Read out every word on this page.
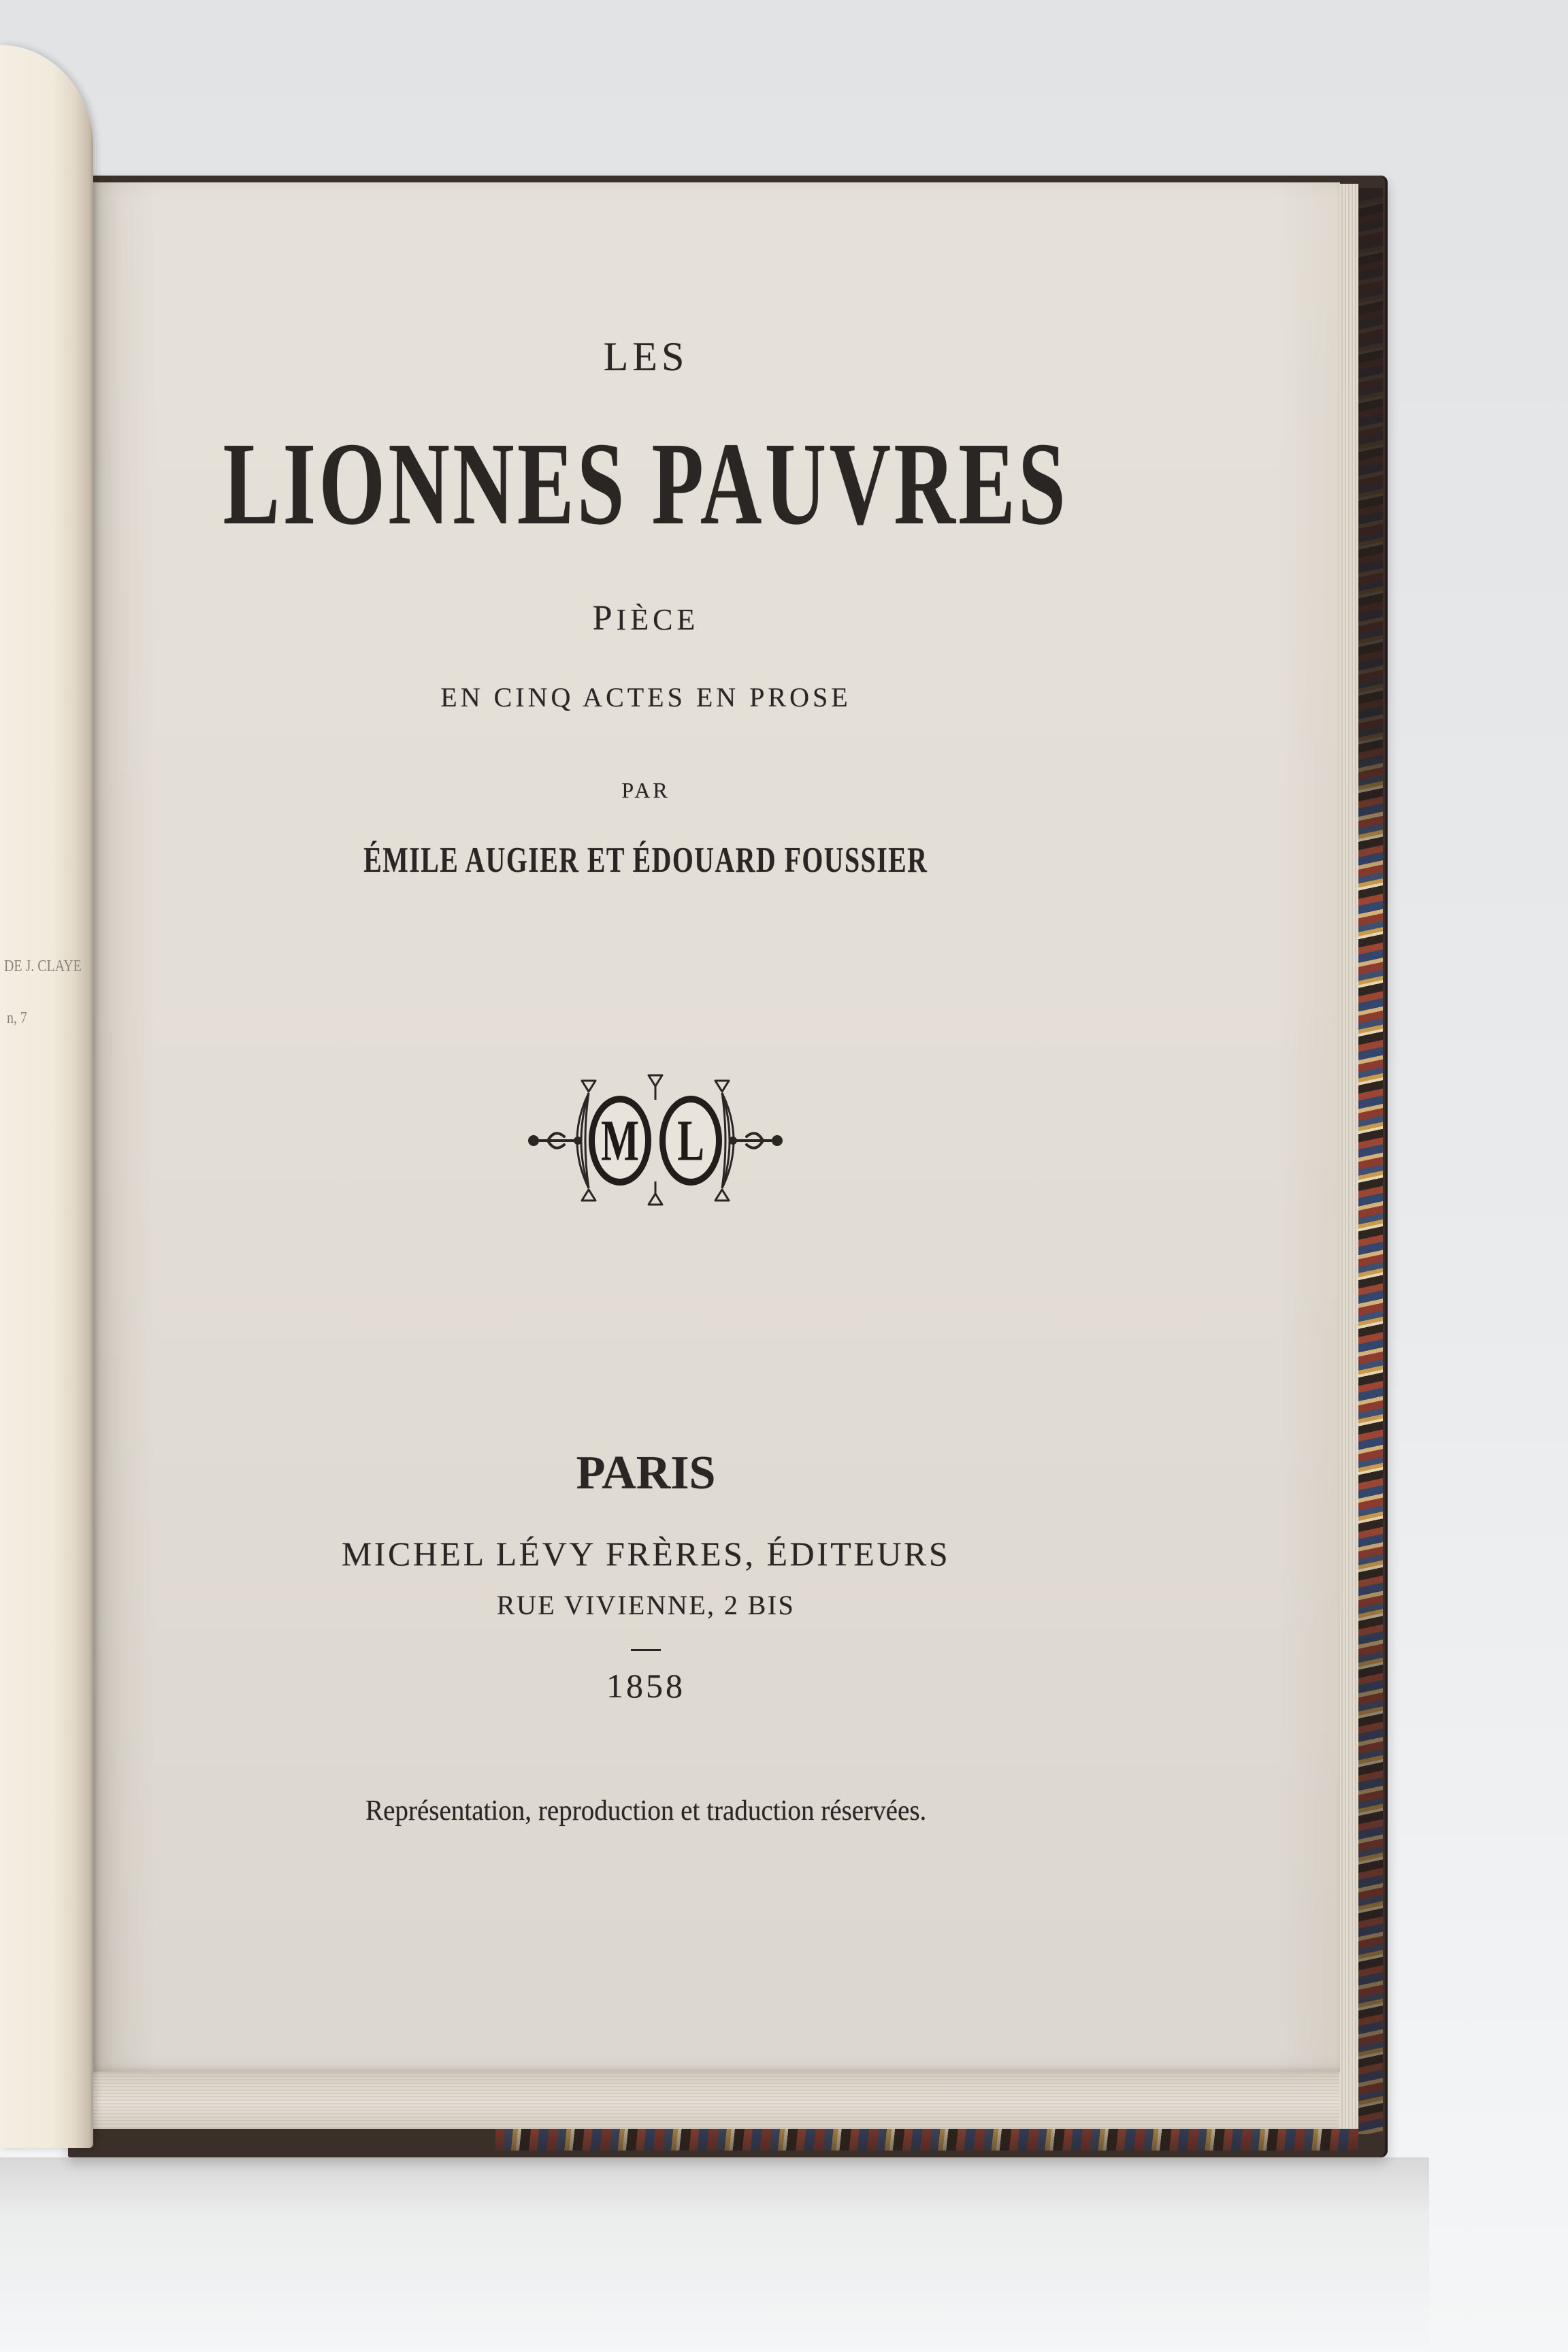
LES
LIONNES PAUVRES
PIÈCE
EN CINQ ACTES EN PROSE
PAR
ÉMILE AUGIER ET ÉDOUARD FOUSSIER
M L
PARIS
MICHEL LÉVY FRÈRES, ÉDITEURS
RUE VIVIENNE, 2 BIS
1858
Représentation, reproduction et traduction réservées.
DE J. CLAYE
n, 7
